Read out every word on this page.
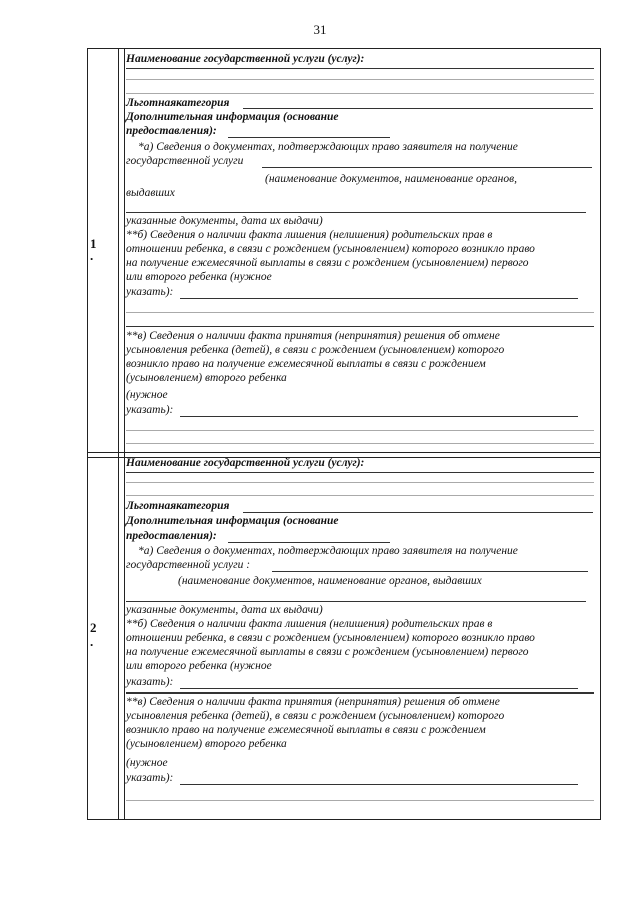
31
1
.
Наименование государственной услуги (услуг):
Льготнаякатегория
Дополнительная информация (основание
предоставления):
*а) Сведения о документах, подтверждающих право заявителя на получение
государственной услуги
(наименование документов, наименование органов,
выдавших
указанные документы, дата их выдачи)
**б) Сведения о наличии факта лишения (нелишения) родительских прав в
отношении ребенка, в связи с рождением (усыновлением) которого возникло право
на получение ежемесячной выплаты в связи с рождением (усыновлением) первого
или второго ребенка (нужное
указать):
**в) Сведения о наличии факта принятия (непринятия) решения об отмене
усыновления ребенка (детей), в связи с рождением (усыновлением) которого
возникло право на получение ежемесячной выплаты в связи с рождением
(усыновлением) второго ребенка
(нужное
указать):
2
.
Наименование государственной услуги (услуг):
Льготнаякатегория
Дополнительная информация (основание
предоставления):
*а) Сведения о документах, подтверждающих право заявителя на получение
государственной услуги :
(наименование документов, наименование органов, выдавших
указанные документы, дата их выдачи)
**б) Сведения о наличии факта лишения (нелишения) родительских прав в
отношении ребенка, в связи с рождением (усыновлением) которого возникло право
на получение ежемесячной выплаты в связи с рождением (усыновлением) первого
или второго ребенка (нужное
указать):
**в) Сведения о наличии факта принятия (непринятия) решения об отмене
усыновления ребенка (детей), в связи с рождением (усыновлением) которого
возникло право на получение ежемесячной выплаты в связи с рождением
(усыновлением) второго ребенка
(нужное
указать):
